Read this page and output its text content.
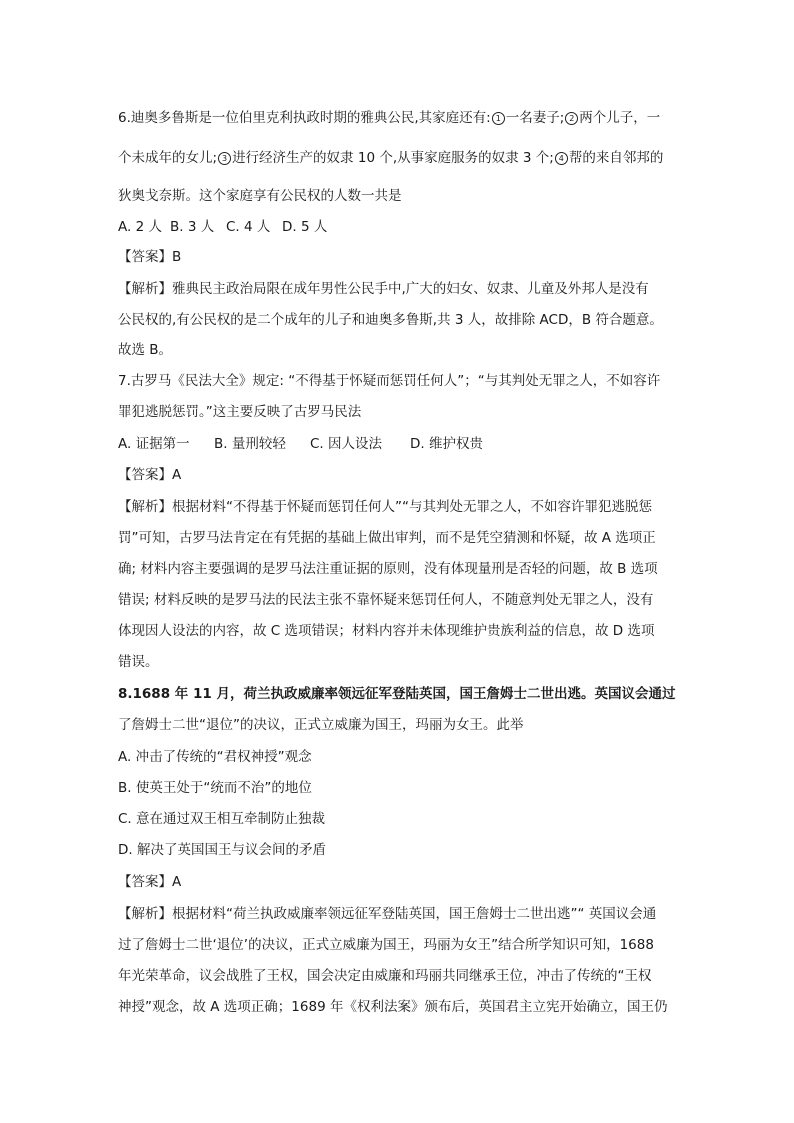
6.迪奥多鲁斯是一位伯里克利执政时期的雅典公民,其家庭还有: 1 一名妻子; 2 两个儿子，一
个未成年的女儿; 3 进行经济生产的奴隶 10 个,从事家庭服务的奴隶 3 个; 4 帮的来自邻邦的
狄奥戈奈斯。这个家庭享有公民权的人数一共是
A. 2 人 B. 3 人 C. 4 人 D. 5 人
【答案】B
【解析】雅典民主政治局限在成年男性公民手中,广大的妇女、奴隶、儿童及外邦人是没有
公民权的,有公民权的是二个成年的儿子和迪奥多鲁斯,共 3 人，故排除 ACD，B 符合题意。
故选 B。
7.古罗马《民法大全》规定: “不得基于怀疑而惩罚任何人”；“与其判处无罪之人，不如容许
罪犯逃脱惩罚。”这主要反映了古罗马民法
A. 证据第一 B. 量刑较轻 C. 因人设法 D. 维护权贵
【答案】A
【解析】根据材料“不得基于怀疑而惩罚任何人”“与其判处无罪之人，不如容许罪犯逃脱惩
罚”可知，古罗马法肯定在有凭据的基础上做出审判，而不是凭空猜测和怀疑，故 A 选项正
确; 材料内容主要强调的是罗马法注重证据的原则，没有体现量刑是否轻的问题，故 B 选项
错误; 材料反映的是罗马法的民法主张不靠怀疑来惩罚任何人，不随意判处无罪之人，没有
体现因人设法的内容，故 C 选项错误；材料内容并未体现维护贵族利益的信息，故 D 选项
错误。
8.1688 年 11 月，荷兰执政威廉率领远征军登陆英国，国王詹姆士二世出逃。英国议会通过
了詹姆士二世“退位”的决议，正式立威廉为国王，玛丽为女王。此举
A. 冲击了传统的“君权神授”观念
B. 使英王处于“统而不治”的地位
C. 意在通过双王相互牵制防止独裁
D. 解决了英国国王与议会间的矛盾
【答案】A
【解析】根据材料“荷兰执政威廉率领远征军登陆英国，国王詹姆士二世出逃”“ 英国议会通
过了詹姆士二世‘退位’的决议，正式立威廉为国王，玛丽为女王”结合所学知识可知，1688
年光荣革命，议会战胜了王权，国会决定由威廉和玛丽共同继承王位，冲击了传统的“王权
神授”观念，故 A 选项正确；1689 年《权利法案》颁布后，英国君主立宪开始确立，国王仍
